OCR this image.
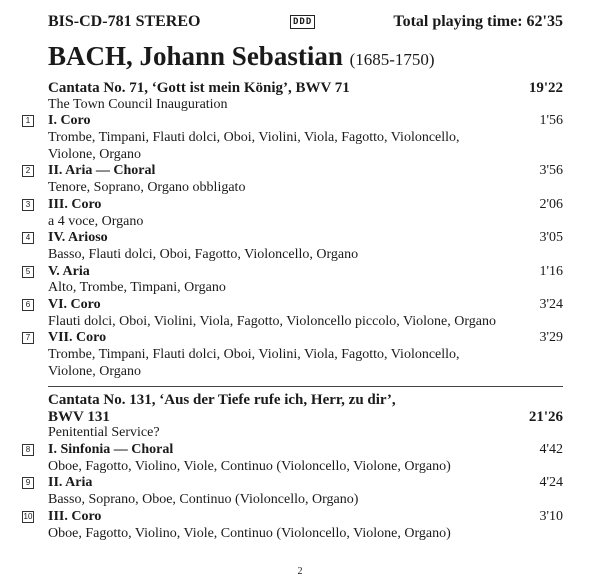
BIS-CD-781 STEREO	DDD	Total playing time: 62'35
BACH, Johann Sebastian (1685-1750)
Cantata No. 71, ‘Gott ist mein König’, BWV 71	19'22
The Town Council Inauguration
1 I. Coro	1'56
Trombe, Timpani, Flauti dolci, Oboi, Violini, Viola, Fagotto, Violoncello,
Violone, Organo
2 II. Aria — Choral	3'56
Tenore, Soprano, Organo obbligato
3 III. Coro	2'06
a 4 voce, Organo
4 IV. Arioso	3'05
Basso, Flauti dolci, Oboi, Fagotto, Violoncello, Organo
5 V. Aria	1'16
Alto, Trombe, Timpani, Organo
6 VI. Coro	3'24
Flauti dolci, Oboi, Violini, Viola, Fagotto, Violoncello piccolo, Violone, Organo
7 VII. Coro	3'29
Trombe, Timpani, Flauti dolci, Oboi, Violini, Viola, Fagotto, Violoncello,
Violone, Organo
Cantata No. 131, ‘Aus der Tiefe rufe ich, Herr, zu dir’,
BWV 131	21'26
Penitential Service?
8 I. Sinfonia — Choral	4'42
Oboe, Fagotto, Violino, Viole, Continuo (Violoncello, Violone, Organo)
9 II. Aria	4'24
Basso, Soprano, Oboe, Continuo (Violoncello, Organo)
10 III. Coro	3'10
Oboe, Fagotto, Violino, Viole, Continuo (Violoncello, Violone, Organo)
2
